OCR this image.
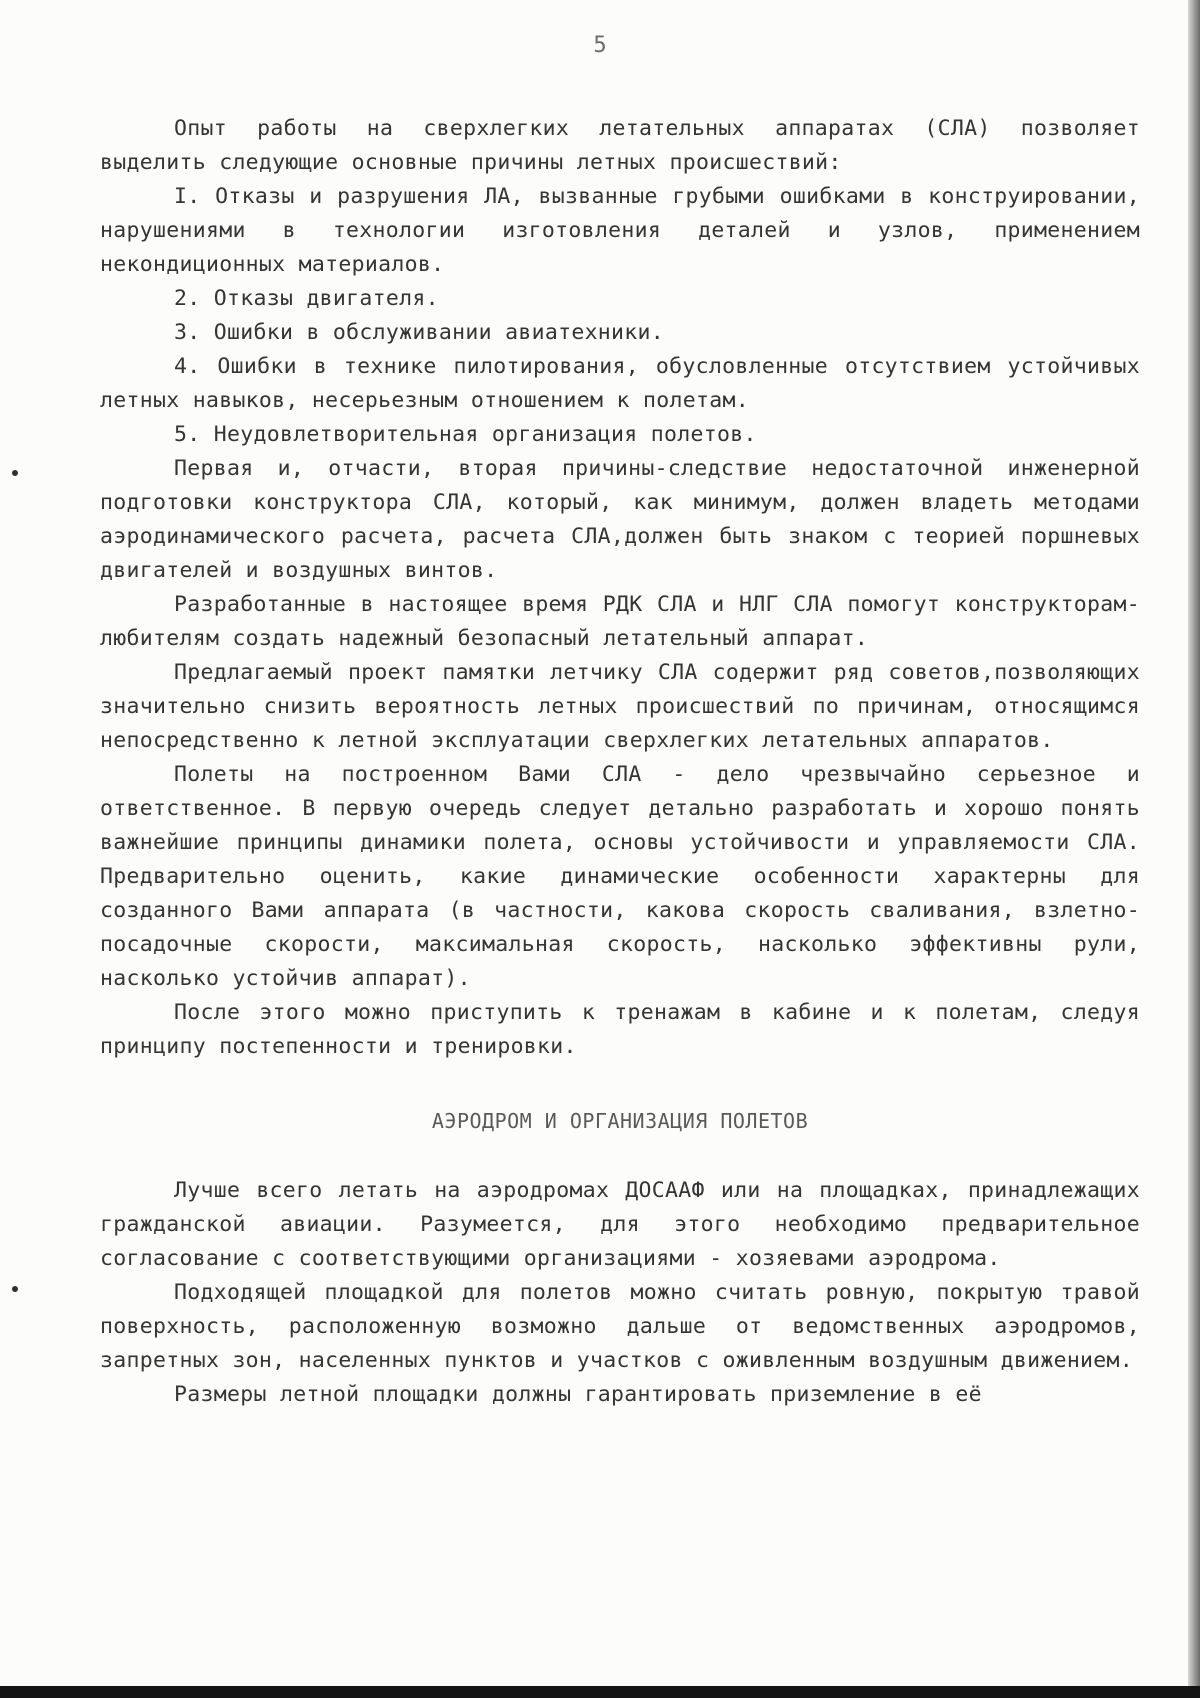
5

Опыт работы на сверхлегких летательных аппаратах (СЛА) позволяет выделить следующие основные причины летных происшествий:

I. Отказы и разрушения ЛА, вызванные грубыми ошибками в конструировании, нарушениями в технологии изготовления деталей и узлов, применением некондиционных материалов.

2. Отказы двигателя.

3. Ошибки в обслуживании авиатехники.

4. Ошибки в технике пилотирования, обусловленные отсутствием устойчивых летных навыков, несерьезным отношением к полетам.

5. Неудовлетворительная организация полетов.

Первая и, отчасти, вторая причины-следствие недостаточной инженерной подготовки конструктора СЛА, который, как минимум, должен владеть методами аэродинамического расчета, расчета СЛА,должен быть знаком с теорией поршневых двигателей и воздушных винтов.

Разработанные в настоящее время РДК СЛА и НЛГ СЛА помогут конструкторам-любителям создать надежный безопасный летательный аппарат.

Предлагаемый проект памятки летчику СЛА содержит ряд советов,позволяющих значительно снизить вероятность летных происшествий по причинам, относящимся непосредственно к летной эксплуатации сверхлегких летательных аппаратов.

Полеты на построенном Вами СЛА - дело чрезвычайно серьезное и ответственное. В первую очередь следует детально разработать и хорошо понять важнейшие принципы динамики полета, основы устойчивости и управляемости СЛА. Предварительно оценить, какие динамические особенности характерны для созданного Вами аппарата (в частности, какова скорость сваливания, взлетно-посадочные скорости, максимальная скорость, насколько эффективны рули, насколько устойчив аппарат).

После этого можно приступить к тренажам в кабине и к полетам, следуя принципу постепенности и тренировки.

АЭРОДРОМ И ОРГАНИЗАЦИЯ ПОЛЕТОВ

Лучше всего летать на аэродромах ДОСААФ или на площадках, принадлежащих гражданской авиации. Разумеется, для этого необходимо предварительное согласование с соответствующими организациями - хозяевами аэродрома.

Подходящей площадкой для полетов можно считать ровную, покрытую травой поверхность, расположенную возможно дальше от ведомственных аэродромов, запретных зон, населенных пунктов и участков с оживленным воздушным движением.

Размеры летной площадки должны гарантировать приземление в её
